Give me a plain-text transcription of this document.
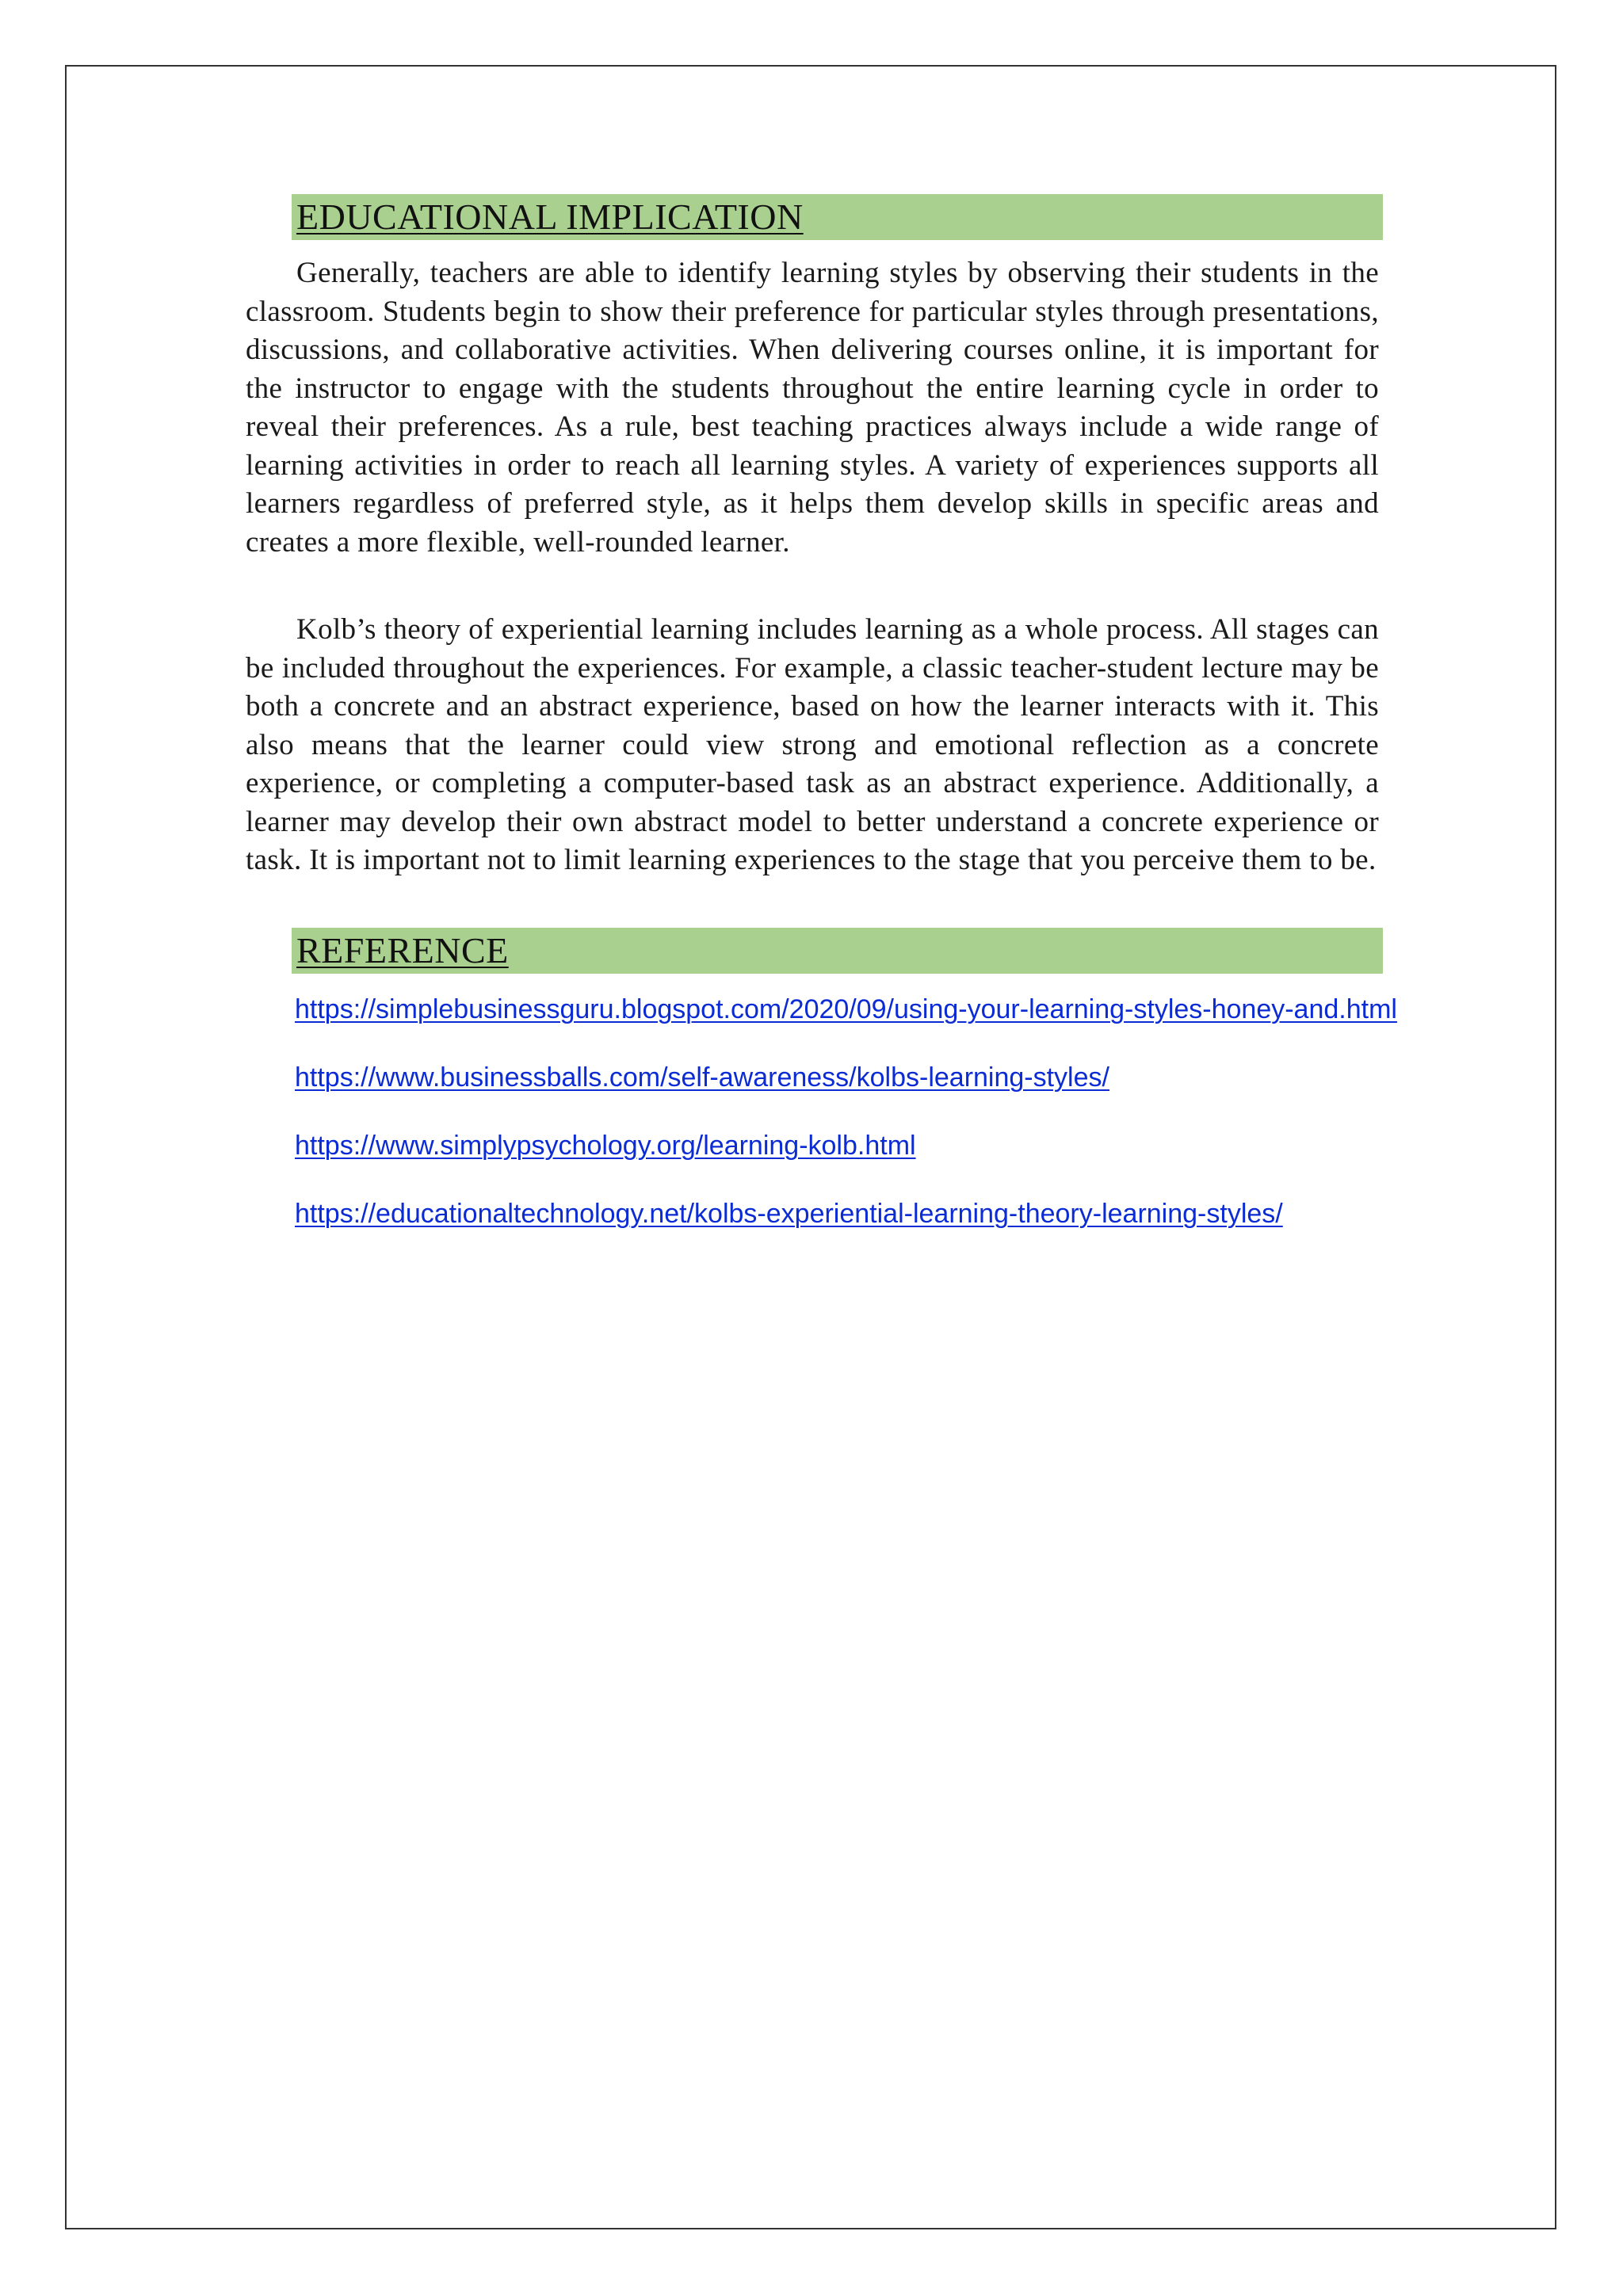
EDUCATIONAL IMPLICATION

Generally, teachers are able to identify learning styles by observing their students in the classroom. Students begin to show their preference for particular styles through presentations, discussions, and collaborative activities. When delivering courses online, it is important for the instructor to engage with the students throughout the entire learning cycle in order to reveal their preferences. As a rule, best teaching practices always include a wide range of learning activities in order to reach all learning styles. A variety of experiences supports all learners regardless of preferred style, as it helps them develop skills in specific areas and creates a more flexible, well-rounded learner.

Kolb’s theory of experiential learning includes learning as a whole process. All stages can be included throughout the experiences. For example, a classic teacher-student lecture may be both a concrete and an abstract experience, based on how the learner interacts with it. This also means that the learner could view strong and emotional reflection as a concrete experience, or completing a computer-based task as an abstract experience. Additionally, a learner may develop their own abstract model to better understand a concrete experience or task. It is important not to limit learning experiences to the stage that you perceive them to be.

REFERENCE
https://simplebusinessguru.blogspot.com/2020/09/using-your-learning-styles-honey-and.html
https://www.businessballs.com/self-awareness/kolbs-learning-styles/
https://www.simplypsychology.org/learning-kolb.html
https://educationaltechnology.net/kolbs-experiential-learning-theory-learning-styles/
